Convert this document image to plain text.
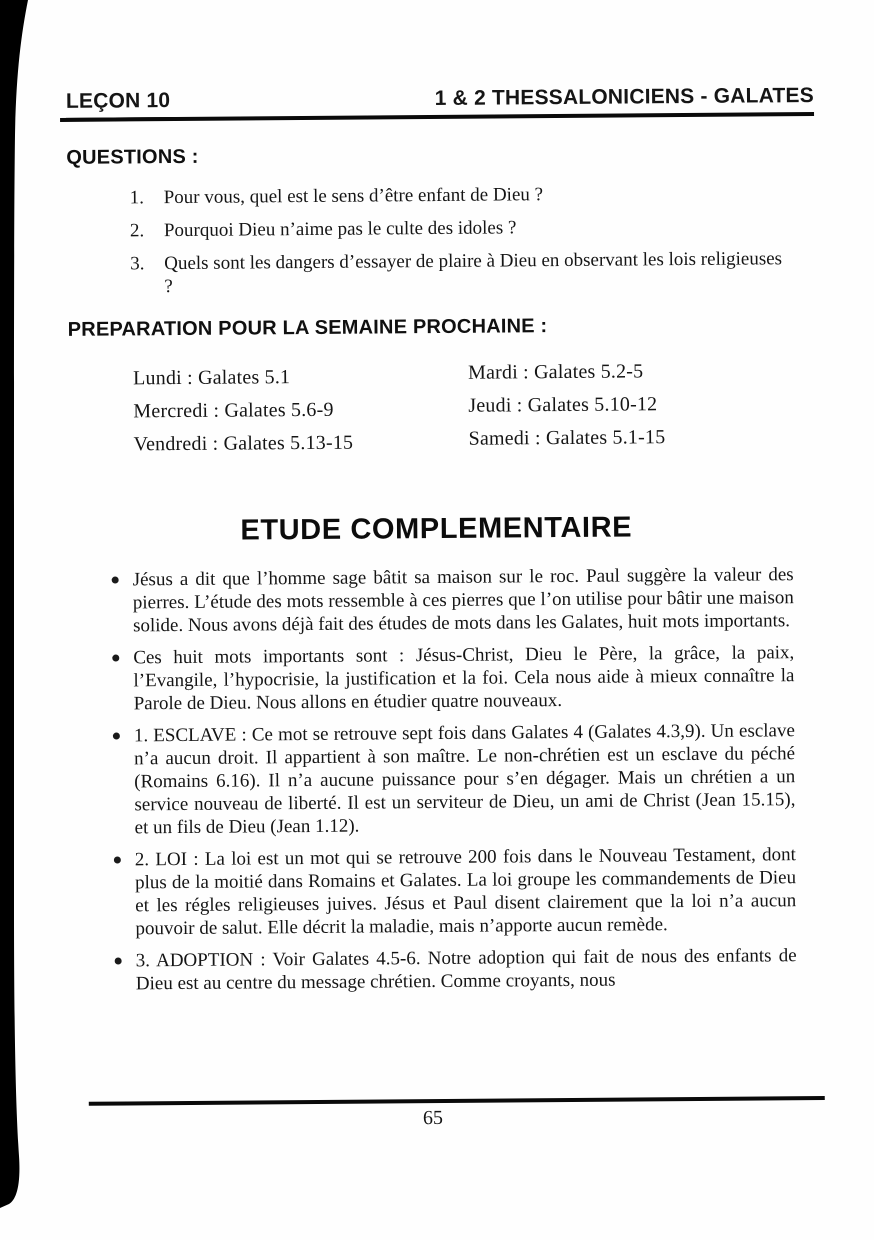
LEÇON 10	1 & 2 THESSALONICIENS - GALATES
QUESTIONS :
1.	Pour vous, quel est le sens d’être enfant de Dieu ?
2.	Pourquoi Dieu n’aime pas le culte des idoles ?
3.	Quels sont les dangers d’essayer de plaire à Dieu en observant les lois religieuses ?
PREPARATION POUR LA SEMAINE PROCHAINE :
Lundi : Galates 5.1	Mardi : Galates 5.2-5
Mercredi : Galates 5.6-9	Jeudi : Galates 5.10-12
Vendredi : Galates 5.13-15	Samedi : Galates 5.1-15
ETUDE COMPLEMENTAIRE
Jésus a dit que l’homme sage bâtit sa maison sur le roc. Paul suggère la valeur des pierres. L’étude des mots ressemble à ces pierres que l’on utilise pour bâtir une maison solide. Nous avons déjà fait des études de mots dans les Galates, huit mots importants.
Ces huit mots importants sont : Jésus-Christ, Dieu le Père, la grâce, la paix, l’Evangile, l’hypocrisie, la justification et la foi. Cela nous aide à mieux connaître la Parole de Dieu. Nous allons en étudier quatre nouveaux.
1. ESCLAVE : Ce mot se retrouve sept fois dans Galates 4 (Galates 4.3,9). Un esclave n’a aucun droit. Il appartient à son maître. Le non-chrétien est un esclave du péché (Romains 6.16). Il n’a aucune puissance pour s’en dégager. Mais un chrétien a un service nouveau de liberté. Il est un serviteur de Dieu, un ami de Christ (Jean 15.15), et un fils de Dieu (Jean 1.12).
2. LOI : La loi est un mot qui se retrouve 200 fois dans le Nouveau Testament, dont plus de la moitié dans Romains et Galates. La loi groupe les commandements de Dieu et les régles religieuses juives. Jésus et Paul disent clairement que la loi n’a aucun pouvoir de salut. Elle décrit la maladie, mais n’apporte aucun remède.
3. ADOPTION : Voir Galates 4.5-6. Notre adoption qui fait de nous des enfants de Dieu est au centre du message chrétien. Comme croyants, nous
65
